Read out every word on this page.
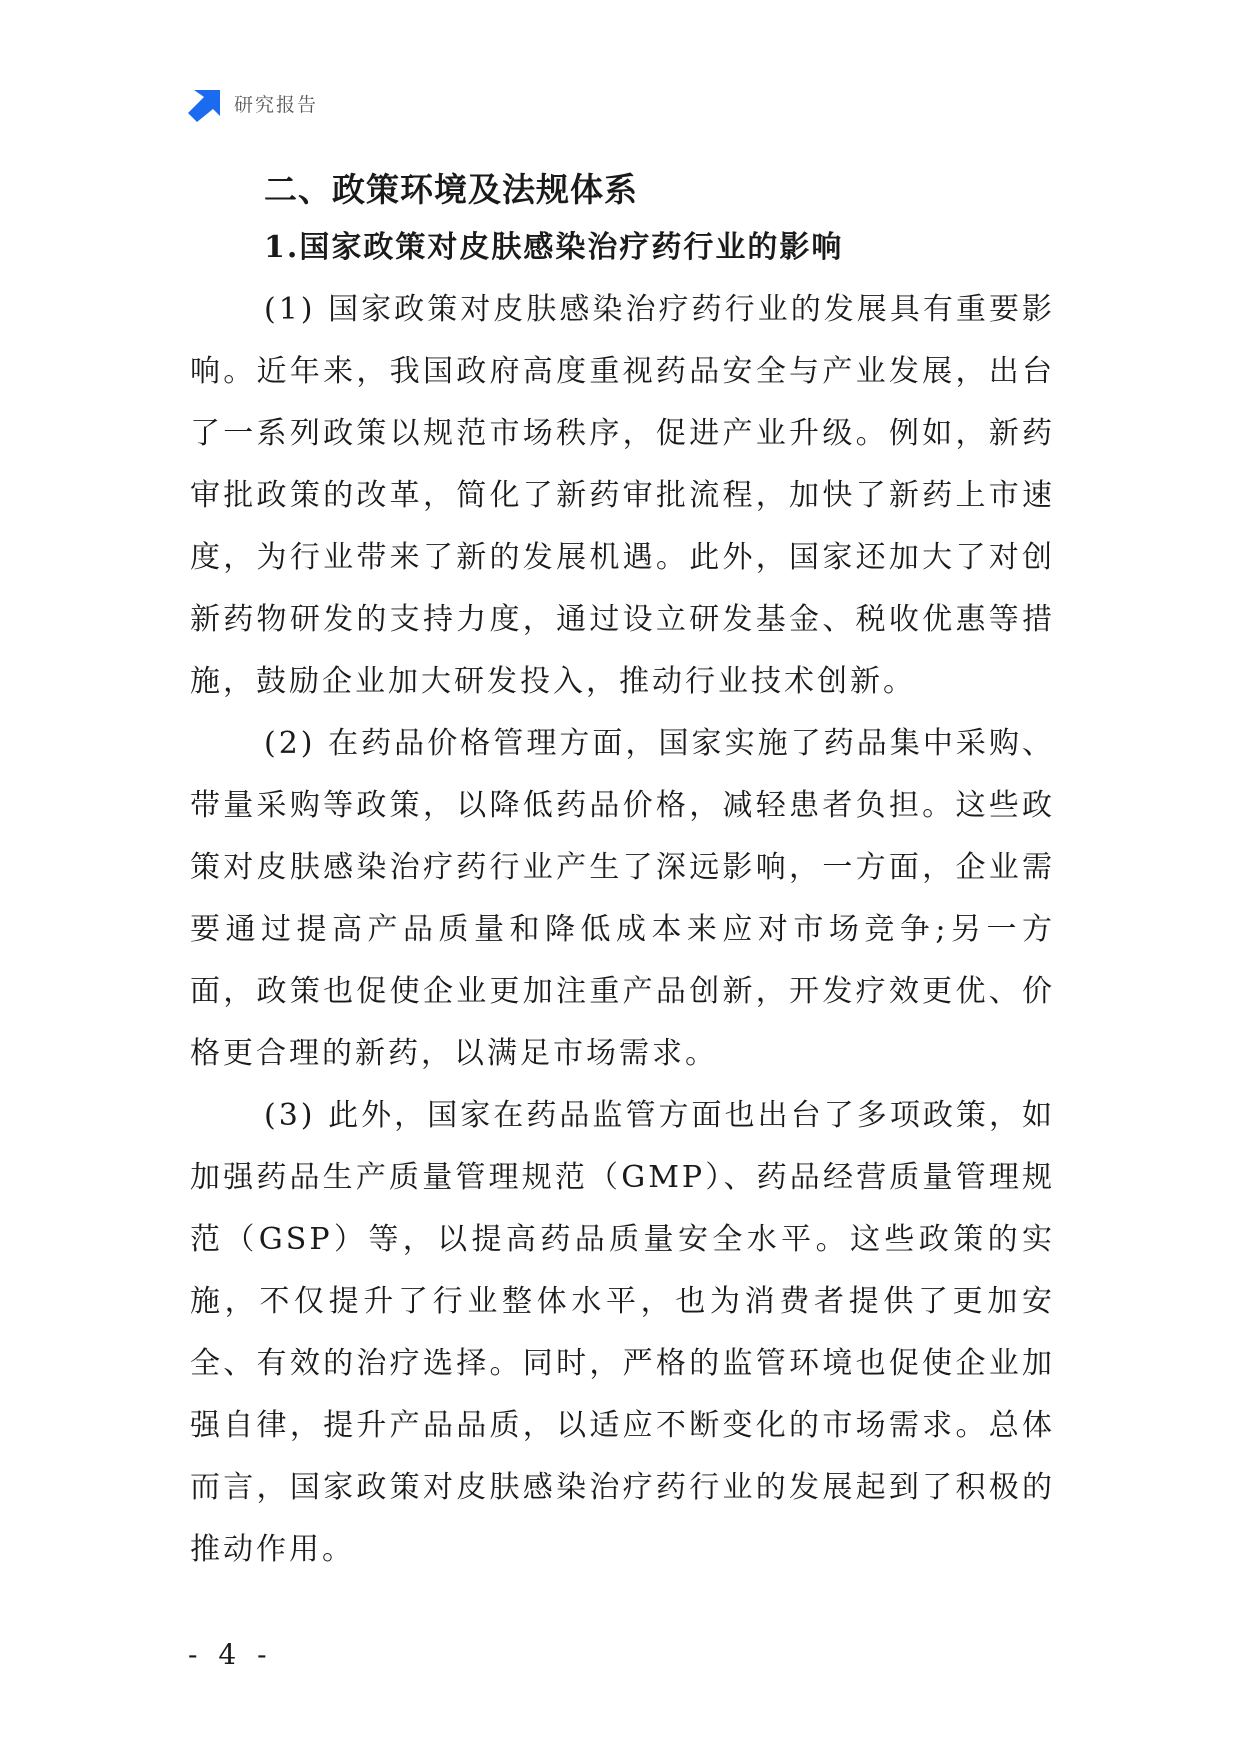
研究报告
二、政策环境及法规体系
1.国家政策对皮肤感染治疗药行业的影响

(1) 国家政策对皮肤感染治疗药行业的发展具有重要影响。近年来，我国政府高度重视药品安全与产业发展，出台了一系列政策以规范市场秩序，促进产业升级。例如，新药审批政策的改革，简化了新药审批流程，加快了新药上市速度，为行业带来了新的发展机遇。此外，国家还加大了对创新药物研发的支持力度，通过设立研发基金、税收优惠等措施，鼓励企业加大研发投入，推动行业技术创新。

(2) 在药品价格管理方面，国家实施了药品集中采购、带量采购等政策，以降低药品价格，减轻患者负担。这些政策对皮肤感染治疗药行业产生了深远影响，一方面，企业需要通过提高产品质量和降低成本来应对市场竞争;另一方面，政策也促使企业更加注重产品创新，开发疗效更优、价格更合理的新药，以满足市场需求。

(3) 此外，国家在药品监管方面也出台了多项政策，如加强药品生产质量管理规范（GMP）、药品经营质量管理规范（GSP）等，以提高药品质量安全水平。这些政策的实施，不仅提升了行业整体水平，也为消费者提供了更加安全、有效的治疗选择。同时，严格的监管环境也促使企业加强自律，提升产品品质，以适应不断变化的市场需求。总体而言，国家政策对皮肤感染治疗药行业的发展起到了积极的推动作用。

- 4 -
